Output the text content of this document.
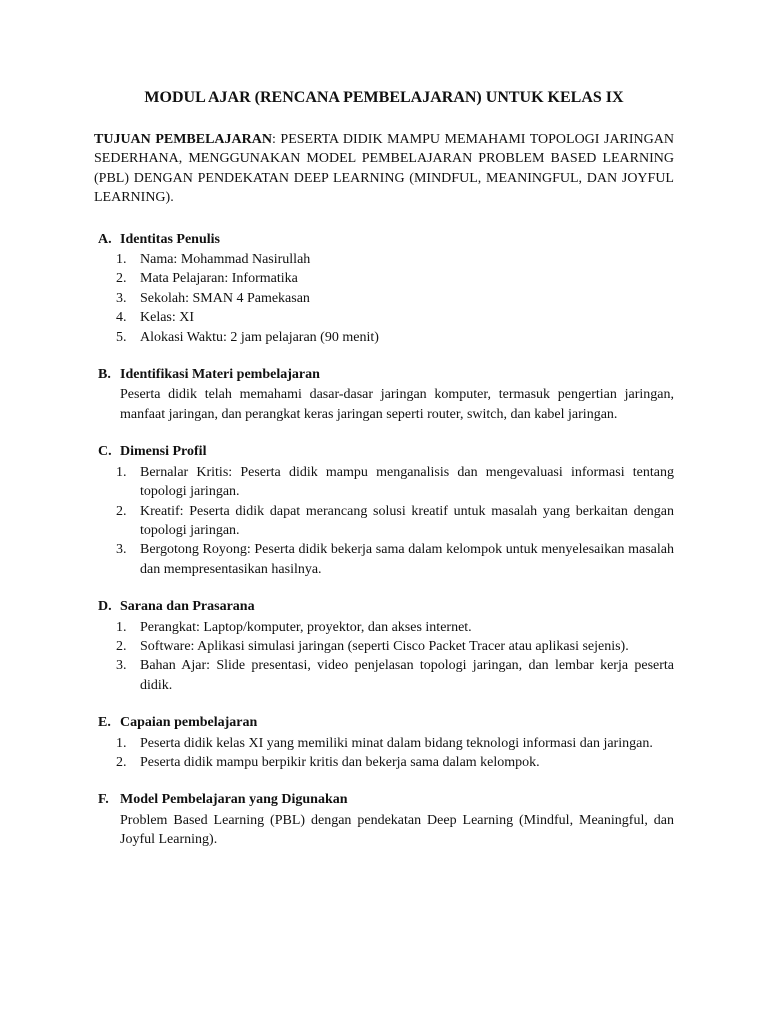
MODUL AJAR (RENCANA PEMBELAJARAN) UNTUK KELAS IX

TUJUAN PEMBELAJARAN: PESERTA DIDIK MAMPU MEMAHAMI TOPOLOGI JARINGAN SEDERHANA, MENGGUNAKAN MODEL PEMBELAJARAN PROBLEM BASED LEARNING (PBL) DENGAN PENDEKATAN DEEP LEARNING (MINDFUL, MEANINGFUL, DAN JOYFUL LEARNING).

A. Identitas Penulis
1. Nama: Mohammad Nasirullah
2. Mata Pelajaran: Informatika
3. Sekolah: SMAN 4 Pamekasan
4. Kelas: XI
5. Alokasi Waktu: 2 jam pelajaran (90 menit)
B. Identifikasi Materi pembelajaran
Peserta didik telah memahami dasar-dasar jaringan komputer, termasuk pengertian jaringan, manfaat jaringan, dan perangkat keras jaringan seperti router, switch, dan kabel jaringan.
C. Dimensi Profil
1. Bernalar Kritis: Peserta didik mampu menganalisis dan mengevaluasi informasi tentang topologi jaringan.
2. Kreatif: Peserta didik dapat merancang solusi kreatif untuk masalah yang berkaitan dengan topologi jaringan.
3. Bergotong Royong: Peserta didik bekerja sama dalam kelompok untuk menyelesaikan masalah dan mempresentasikan hasilnya.
D. Sarana dan Prasarana
1. Perangkat: Laptop/komputer, proyektor, dan akses internet.
2. Software: Aplikasi simulasi jaringan (seperti Cisco Packet Tracer atau aplikasi sejenis).
3. Bahan Ajar: Slide presentasi, video penjelasan topologi jaringan, dan lembar kerja peserta didik.
E. Capaian pembelajaran
1. Peserta didik kelas XI yang memiliki minat dalam bidang teknologi informasi dan jaringan.
2. Peserta didik mampu berpikir kritis dan bekerja sama dalam kelompok.
F. Model Pembelajaran yang Digunakan
Problem Based Learning (PBL) dengan pendekatan Deep Learning (Mindful, Meaningful, dan Joyful Learning).
